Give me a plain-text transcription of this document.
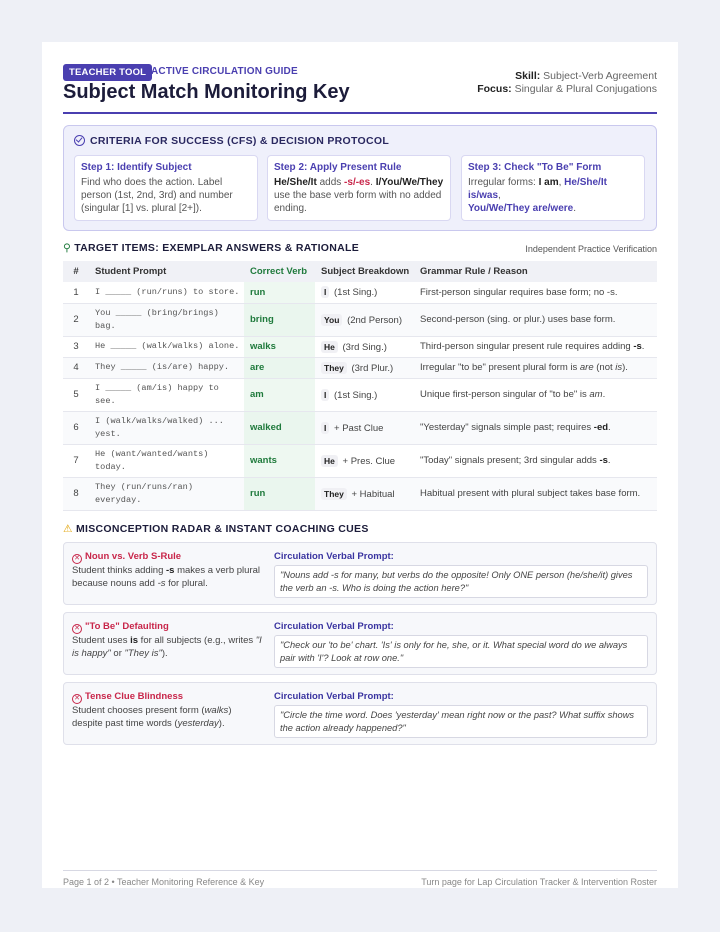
TEACHER TOOL ACTIVE CIRCULATION GUIDE
Subject Match Monitoring Key
Skill: Subject-Verb Agreement
Focus: Singular & Plural Conjugations
CRITERIA FOR SUCCESS (CFS) & DECISION PROTOCOL
Step 1: Identify Subject
Find who does the action. Label person (1st, 2nd, 3rd) and number (singular [1] vs. plural [2+]).
Step 2: Apply Present Rule
He/She/It adds -s/-es. I/You/We/They use the base verb form with no added ending.
Step 3: Check "To Be" Form
Irregular forms: I am, He/She/It is/was,
You/We/They are/were.
⚲ TARGET ITEMS: EXEMPLAR ANSWERS & RATIONALE	Independent Practice Verification
#	Student Prompt	Correct Verb	Subject Breakdown	Grammar Rule / Reason
1	I _____ (run/runs) to store.	run	I (1st Sing.)	First-person singular requires base form; no -s.
2	You _____ (bring/brings) bag.	bring	You (2nd Person)	Second-person (sing. or plur.) uses base form.
3	He _____ (walk/walks) alone.	walks	He (3rd Sing.)	Third-person singular present rule requires adding -s.
4	They _____ (is/are) happy.	are	They (3rd Plur.)	Irregular "to be" present plural form is are (not is).
5	I _____ (am/is) happy to see.	am	I (1st Sing.)	Unique first-person singular of "to be" is am.
6	I (walk/walks/walked) ... yest.	walked	I + Past Clue	"Yesterday" signals simple past; requires -ed.
7	He (want/wanted/wants) today.	wants	He + Pres. Clue	"Today" signals present; 3rd singular adds -s.
8	They (run/runs/ran) everyday.	run	They + Habitual	Habitual present with plural subject takes base form.
⚠ MISCONCEPTION RADAR & INSTANT COACHING CUES
✕ Noun vs. Verb S-Rule
Student thinks adding -s makes a verb plural because nouns add -s for plural.
Circulation Verbal Prompt:
"Nouns add -s for many, but verbs do the opposite! Only ONE person (he/she/it) gives the verb an -s. Who is doing the action here?"
✕ "To Be" Defaulting
Student uses is for all subjects (e.g., writes "I is happy" or "They is").
Circulation Verbal Prompt:
"Check our 'to be' chart. 'Is' is only for he, she, or it. What special word do we always pair with 'I'? Look at row one."
✕ Tense Clue Blindness
Student chooses present form (walks) despite past time words (yesterday).
Circulation Verbal Prompt:
"Circle the time word. Does 'yesterday' mean right now or the past? What suffix shows the action already happened?"
Page 1 of 2 • Teacher Monitoring Reference & Key	Turn page for Lap Circulation Tracker & Intervention Roster
